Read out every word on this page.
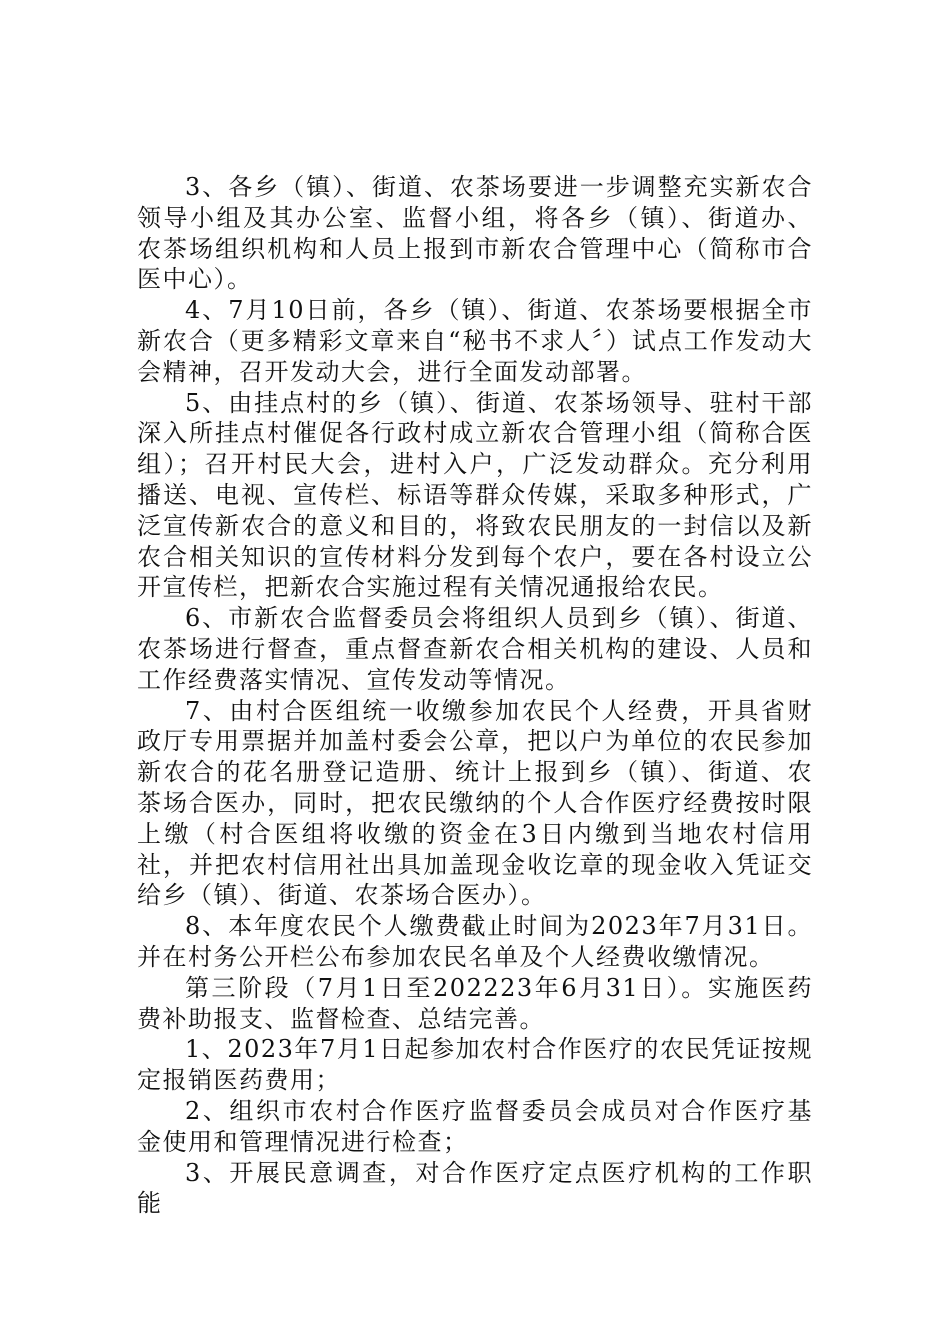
3、各乡（镇）、街道、农茶场要进一步调整充实新农合领导小组及其办公室、监督小组，将各乡（镇）、街道办、农茶场组织机构和人员上报到市新农合管理中心（简称市合医中心）。

4、7月10日前，各乡（镇）、街道、农茶场要根据全市新农合（更多精彩文章来自“秘书不求人〞）试点工作发动大会精神，召开发动大会，进行全面发动部署。

5、由挂点村的乡（镇）、街道、农茶场领导、驻村干部深入所挂点村催促各行政村成立新农合管理小组（简称合医组）；召开村民大会，进村入户，广泛发动群众。充分利用播送、电视、宣传栏、标语等群众传媒，采取多种形式，广泛宣传新农合的意义和目的，将致农民朋友的一封信以及新农合相关知识的宣传材料分发到每个农户，要在各村设立公开宣传栏，把新农合实施过程有关情况通报给农民。

6、市新农合监督委员会将组织人员到乡（镇）、街道、农茶场进行督查，重点督查新农合相关机构的建设、人员和工作经费落实情况、宣传发动等情况。

7、由村合医组统一收缴参加农民个人经费，开具省财政厅专用票据并加盖村委会公章，把以户为单位的农民参加新农合的花名册登记造册、统计上报到乡（镇）、街道、农茶场合医办，同时，把农民缴纳的个人合作医疗经费按时限上缴（村合医组将收缴的资金在3日内缴到当地农村信用社，并把农村信用社出具加盖现金收讫章的现金收入凭证交给乡（镇）、街道、农茶场合医办）。

8、本年度农民个人缴费截止时间为2023年7月31日。并在村务公开栏公布参加农民名单及个人经费收缴情况。

第三阶段（7月1日至202223年6月31日）。实施医药费补助报支、监督检查、总结完善。

1、2023年7月1日起参加农村合作医疗的农民凭证按规定报销医药费用；

2、组织市农村合作医疗监督委员会成员对合作医疗基金使用和管理情况进行检查；

3、开展民意调查，对合作医疗定点医疗机构的工作职能
